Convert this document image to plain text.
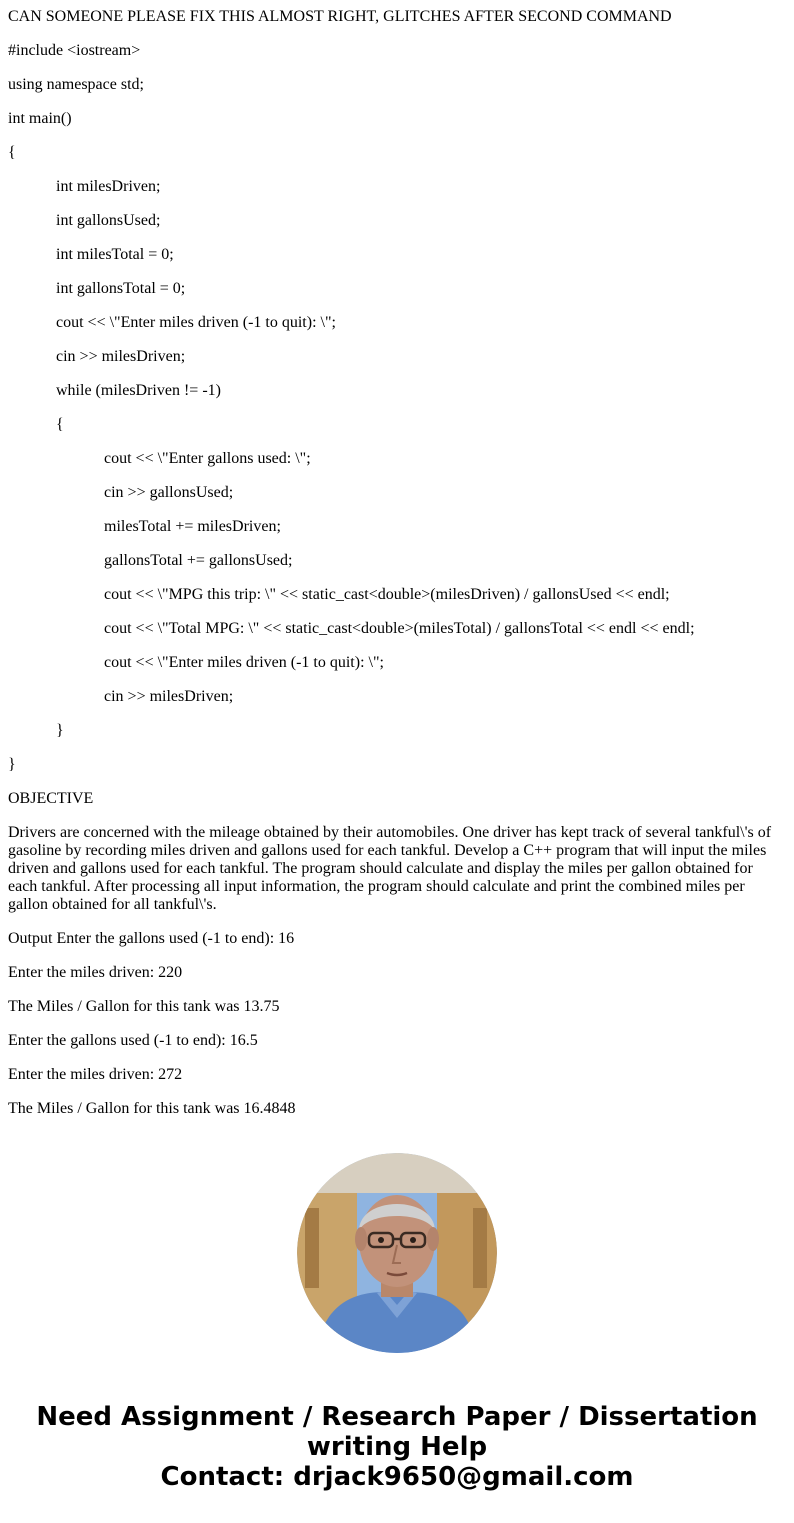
CAN SOMEONE PLEASE FIX THIS ALMOST RIGHT, GLITCHES AFTER SECOND COMMAND

#include <iostream>

using namespace std;

int main()

{

int milesDriven;

int gallonsUsed;

int milesTotal = 0;

int gallonsTotal = 0;

cout << \"Enter miles driven (-1 to quit): \";

cin >> milesDriven;

while (milesDriven != -1)

{

cout << \"Enter gallons used: \";

cin >> gallonsUsed;

milesTotal += milesDriven;

gallonsTotal += gallonsUsed;

cout << \"MPG this trip: \" << static_cast<double>(milesDriven) / gallonsUsed << endl;

cout << \"Total MPG: \" << static_cast<double>(milesTotal) / gallonsTotal << endl << endl;

cout << \"Enter miles driven (-1 to quit): \";

cin >> milesDriven;

}

}

OBJECTIVE

Drivers are concerned with the mileage obtained by their automobiles. One driver has kept track of several tankful\'s of gasoline by recording miles driven and gallons used for each tankful. Develop a C++ program that will input the miles driven and gallons used for each tankful. The program should calculate and display the miles per gallon obtained for each tankful. After processing all input information, the program should calculate and print the combined miles per gallon obtained for all tankful\'s.

Output Enter the gallons used (-1 to end): 16

Enter the miles driven: 220

The Miles / Gallon for this tank was 13.75

Enter the gallons used (-1 to end): 16.5

Enter the miles driven: 272

The Miles / Gallon for this tank was 16.4848

Need Assignment / Research Paper / Dissertation
writing Help
Contact: drjack9650@gmail.com
